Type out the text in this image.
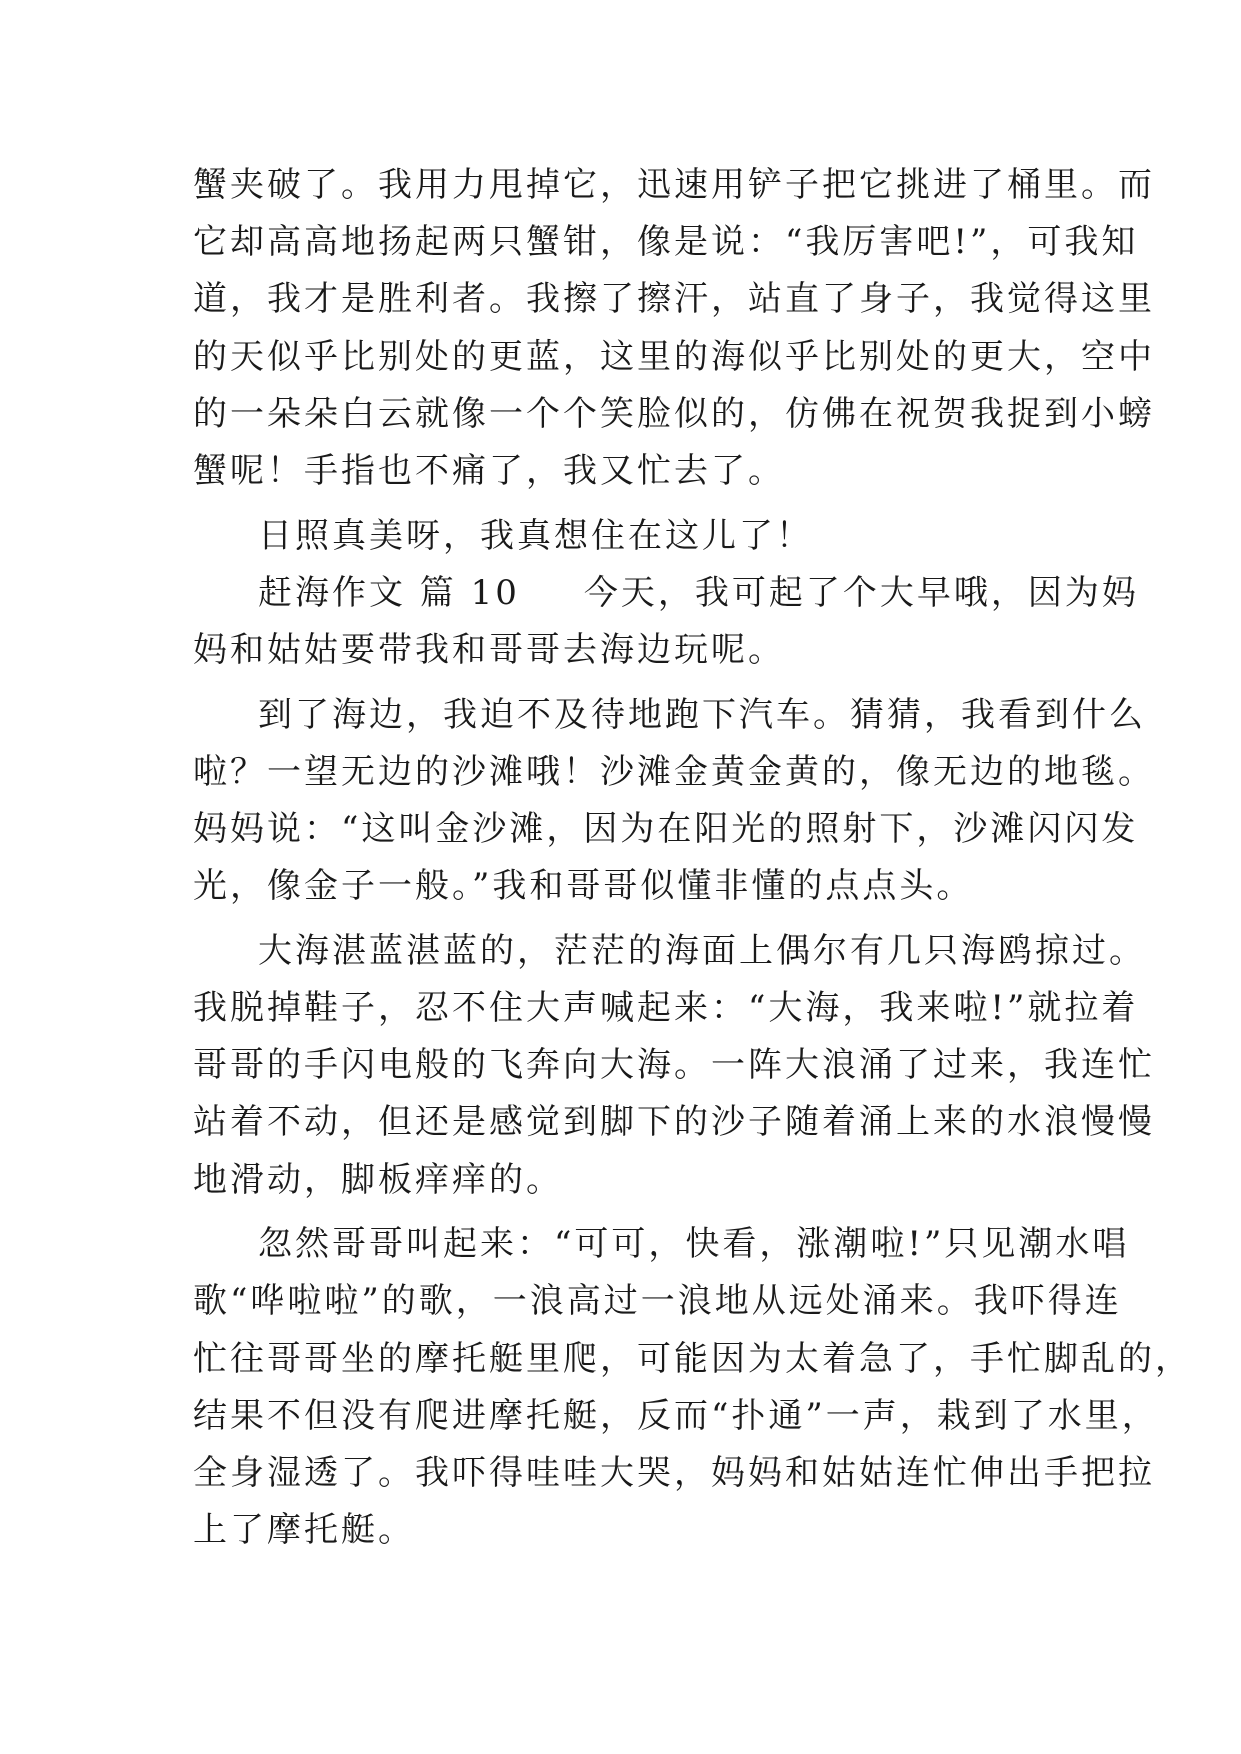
蟹夹破了。我用力甩掉它，迅速用铲子把它挑进了桶里。而
它却高高地扬起两只蟹钳，像是说：“我厉害吧!”，可我知
道，我才是胜利者。我擦了擦汗，站直了身子，我觉得这里
的天似乎比别处的更蓝，这里的海似乎比别处的更大，空中
的一朵朵白云就像一个个笑脸似的，仿佛在祝贺我捉到小螃
蟹呢！手指也不痛了，我又忙去了。
日照真美呀，我真想住在这儿了！
赶海作文 篇 10 今天，我可起了个大早哦，因为妈
妈和姑姑要带我和哥哥去海边玩呢。
到了海边，我迫不及待地跑下汽车。猜猜，我看到什么
啦？一望无边的沙滩哦！沙滩金黄金黄的，像无边的地毯。
妈妈说：“这叫金沙滩，因为在阳光的照射下，沙滩闪闪发
光，像金子一般。”我和哥哥似懂非懂的点点头。
大海湛蓝湛蓝的，茫茫的海面上偶尔有几只海鸥掠过。
我脱掉鞋子，忍不住大声喊起来：“大海，我来啦!”就拉着
哥哥的手闪电般的飞奔向大海。一阵大浪涌了过来，我连忙
站着不动，但还是感觉到脚下的沙子随着涌上来的水浪慢慢
地滑动，脚板痒痒的。
忽然哥哥叫起来：“可可，快看，涨潮啦!”只见潮水唱
歌“哗啦啦”的歌，一浪高过一浪地从远处涌来。我吓得连
忙往哥哥坐的摩托艇里爬，可能因为太着急了，手忙脚乱的，
结果不但没有爬进摩托艇，反而“扑通”一声，栽到了水里，
全身湿透了。我吓得哇哇大哭，妈妈和姑姑连忙伸出手把拉
上了摩托艇。
